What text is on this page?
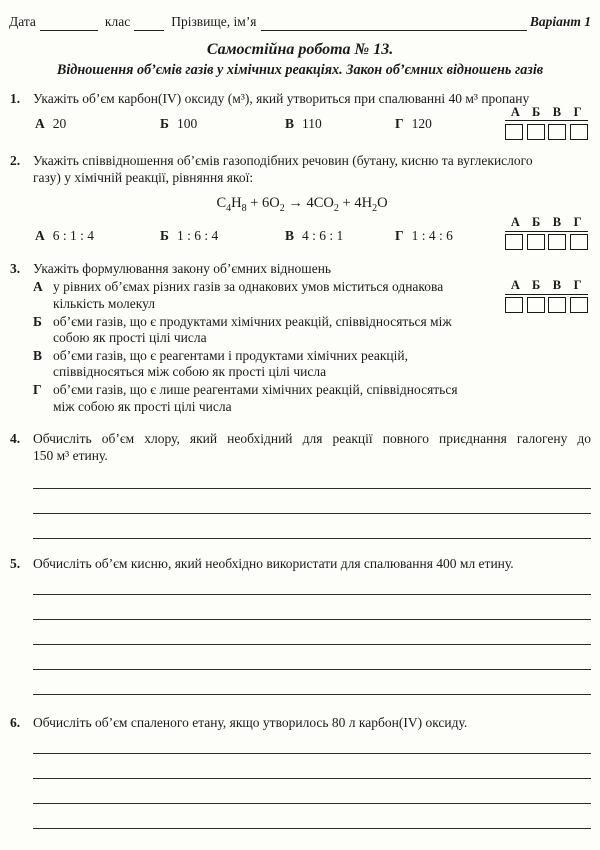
Дата	клас	Прізвище, ім’я	Варіант 1
Самостійна робота № 13.
Відношення об’ємів газів у хімічних реакціях. Закон об’ємних відношень газів
1. Укажіть об’єм карбон(IV) оксиду (м³), який утвориться при спалюванні 40 м³ пропану
А 20	Б 100	В 110	Г 120
А Б В	Г
2. Укажіть співвідношення об’ємів газоподібних речовин (бутану, кисню та вуглекислого
газу) у хімічній реакції, рівняння якої:
$C_4H_8 + 6O_2 \to 4CO_2 + 4H_2O$
А 6 : 1 : 4	Б 1 : 6 : 4	В 4 : 6 : 1	Г 1 : 4 : 6
А Б В	Г
3. Укажіть формулювання закону об’ємних відношень
А у рівних об’ємах різних газів за однакових умов міститься однакова
кількість молекул
Б об’єми газів, що є продуктами хімічних реакцій, співвідносяться між
собою як прості цілі числа
В об’єми газів, що є реагентами і продуктами хімічних реакцій,
співвідносяться між собою як прості цілі числа
Г об’єми газів, що є лише реагентами хімічних реакцій, співвідносяться
між собою як прості цілі числа
А Б В	Г
4. Обчисліть об’єм хлору, який необхідний для реакції повного приєднання галогену до
150 м³ етину.
5. Обчисліть об’єм кисню, який необхідно використати для спалювання 400 мл етину.
6. Обчисліть об’єм спаленого етану, якщо утворилось 80 л карбон(IV) оксиду.
